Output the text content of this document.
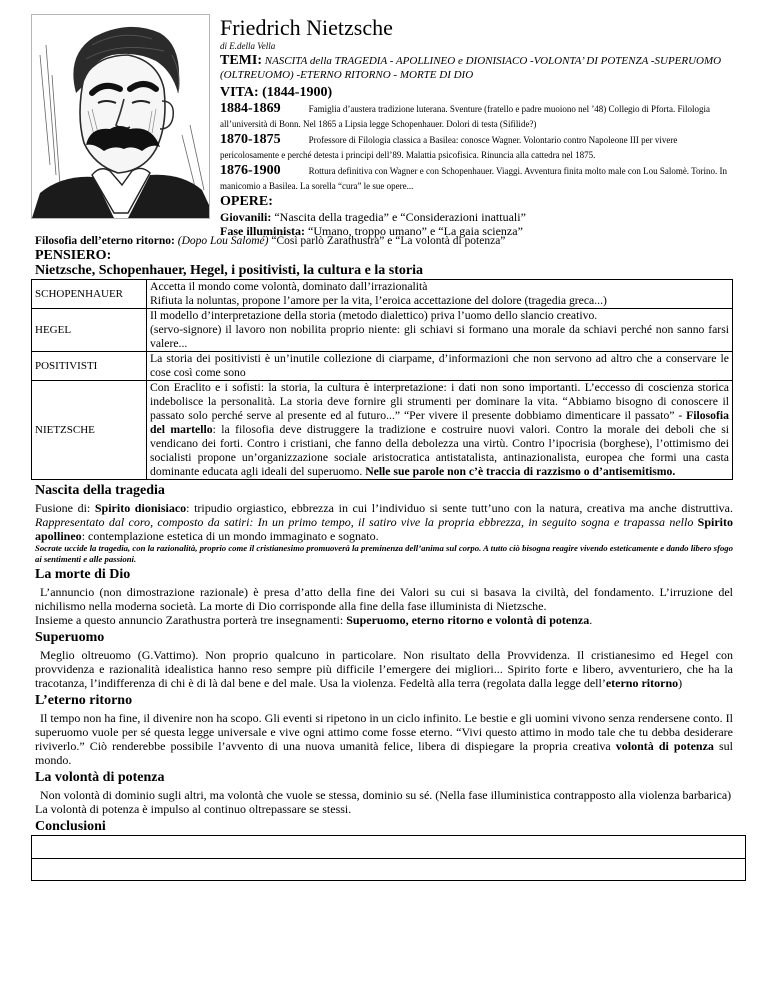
Friedrich Nietzsche
di E.della Vella
TEMI: NASCITA della TRAGEDIA - APOLLINEO e DIONISIACO -VOLONTA’ DI POTENZA -SUPERUOMO (OLTREUOMO) -ETERNO RITORNO - MORTE DI DIO
VITA: (1844-1900)
1884-1869	Famiglia d’austera tradizione luterana. Sventure (fratello e padre muoiono nel ’48) Collegio di Pforta. Filologia all’università di Bonn. Nel 1865 a Lipsia legge Schopenhauer. Dolori di testa (Sifilide?)
1870-1875	Professore di Filologia classica a Basilea: conosce Wagner. Volontario contro Napoleone III per vivere pericolosamente e perché detesta i principi dell’89. Malattia psicofisica. Rinuncia alla cattedra nel 1875.
1876-1900	Rottura definitiva con Wagner e con Schopenhauer. Viaggi. Avventura finita molto male con Lou Salomè. Torino. In manicomio a Basilea. La sorella “cura” le sue opere...
OPERE:
Giovanili: “Nascita della tragedia” e “Considerazioni inattuali”
Fase illuminista: “Umano, troppo umano” e “La gaia scienza”
Filosofia dell’eterno ritorno: (Dopo Lou Salomé) “Così parlò Zarathustra” e “La volontà di potenza”
PENSIERO:
Nietzsche, Schopenhauer, Hegel, i positivisti, la cultura e la storia
SCHOPENHAUER	Accetta il mondo come volontà, dominato dall’irrazionalità
Rifiuta la noluntas, propone l’amore per la vita, l’eroica accettazione del dolore (tragedia greca...)

HEGEL	Il modello d’interpretazione della storia (metodo dialettico) priva l’uomo dello slancio creativo.
(servo-signore) il lavoro non nobilita proprio niente: gli schiavi si formano una morale da schiavi perché non sanno farsi valere...

POSITIVISTI	La storia dei positivisti è un’inutile collezione di ciarpame, d’informazioni che non servono ad altro che a conservare le cose così come sono

NIETZSCHE	Con Eraclito e i sofisti: la storia, la cultura è interpretazione: i dati non sono importanti. L’eccesso di coscienza storica indebolisce la personalità. La storia deve fornire gli strumenti per dominare la vita. “Abbiamo bisogno di conoscere il passato solo perché serve al presente ed al futuro...” “Per vivere il presente dobbiamo dimenticare il passato” - Filosofia del martello: la filosofia deve distruggere la tradizione e costruire nuovi valori. Contro la morale dei deboli che si vendicano dei forti. Contro i cristiani, che fanno della debolezza una virtù. Contro l’ipocrisia (borghese), l’ottimismo dei socialisti propone un’organizzazione sociale aristocratica antistatalista, antinazionalista, europea che formi una casta dominante educata agli ideali del superuomo. Nelle sue parole non c’è traccia di razzismo o d’antisemitismo.
Nascita della tragedia
Fusione di: Spirito dionisiaco: tripudio orgiastico, ebbrezza in cui l’individuo si sente tutt’uno con la natura, creativa ma anche distruttiva. Rappresentato dal coro, composto da satiri: In un primo tempo, il satiro vive la propria ebbrezza, in seguito sogna e trapassa nello Spirito apollineo: contemplazione estetica di un mondo immaginato e sognato.
Socrate uccide la tragedia, con la razionalità, proprio come il cristianesimo promuoverà la preminenza dell’anima sul corpo. A tutto ciò bisogna reagire vivendo esteticamente e dando libero sfogo ai sentimenti e alle passioni.
La morte di Dio
L’annuncio (non dimostrazione razionale) è presa d’atto della fine dei Valori su cui si basava la civiltà, del fondamento. L’irruzione del nichilismo nella moderna società. La morte di Dio corrisponde alla fine della fase illuminista di Nietzsche.
Insieme a questo annuncio Zarathustra porterà tre insegnamenti: Superuomo, eterno ritorno e volontà di potenza.
Superuomo
Meglio oltreuomo (G.Vattimo). Non proprio qualcuno in particolare. Non risultato della Provvidenza. Il cristianesimo ed Hegel con provvidenza e razionalità idealistica hanno reso sempre più difficile l’emergere dei migliori... Spirito forte e libero, avventuriero, che ha la tracotanza, l’indifferenza di chi è di là dal bene e del male. Usa la violenza. Fedeltà alla terra (regolata dalla legge dell’eterno ritorno)
L’eterno ritorno
Il tempo non ha fine, il divenire non ha scopo. Gli eventi si ripetono in un ciclo infinito. Le bestie e gli uomini vivono senza rendersene conto. Il superuomo vuole per sé questa legge universale e vive ogni attimo come fosse eterno. “Vivi questo attimo in modo tale che tu debba desiderare riviverlo.” Ciò renderebbe possibile l’avvento di una nuova umanità felice, libera di dispiegare la propria creativa volontà di potenza sul mondo.
La volontà di potenza
Non volontà di dominio sugli altri, ma volontà che vuole se stessa, dominio su sé. (Nella fase illuministica contrapposto alla violenza barbarica)
La volontà di potenza è impulso al continuo oltrepassare se stessi.
Conclusioni
